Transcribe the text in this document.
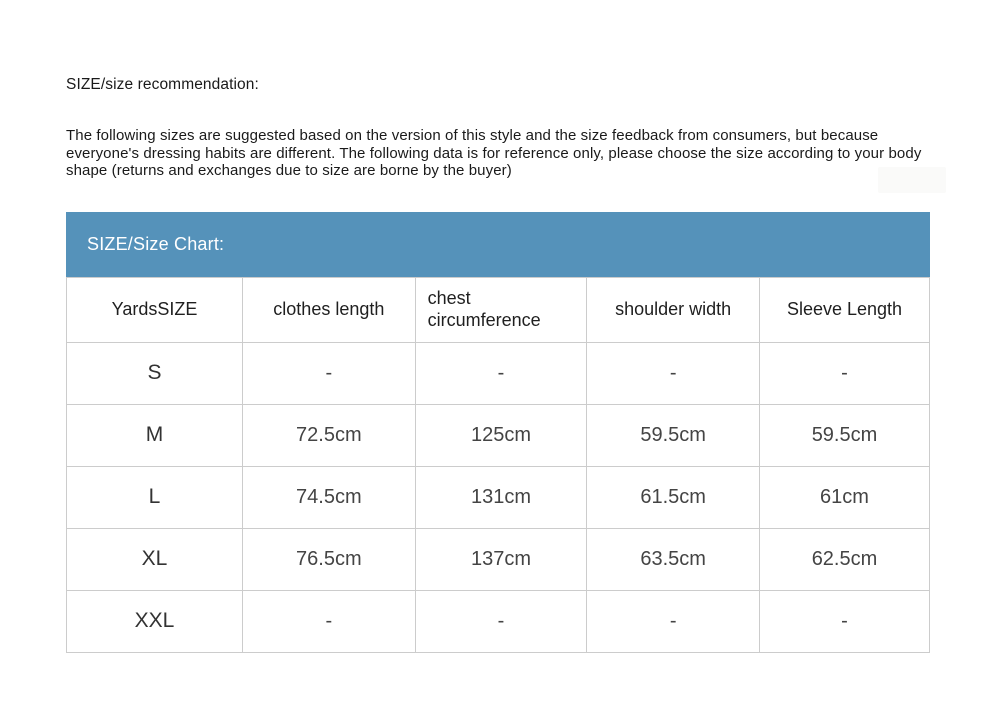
SIZE/size recommendation:

The following sizes are suggested based on the version of this style and the size feedback from consumers, but because everyone's dressing habits are different. The following data is for reference only, please choose the size according to your body shape (returns and exchanges due to size are borne by the buyer)

SIZE/Size Chart:
YardsSIZE	clothes length	chest circumference	shoulder width	Sleeve Length
S	-	-	-	-
M	72.5cm	125cm	59.5cm	59.5cm
L	74.5cm	131cm	61.5cm	61cm
XL	76.5cm	137cm	63.5cm	62.5cm
XXL	-	-	-	-
